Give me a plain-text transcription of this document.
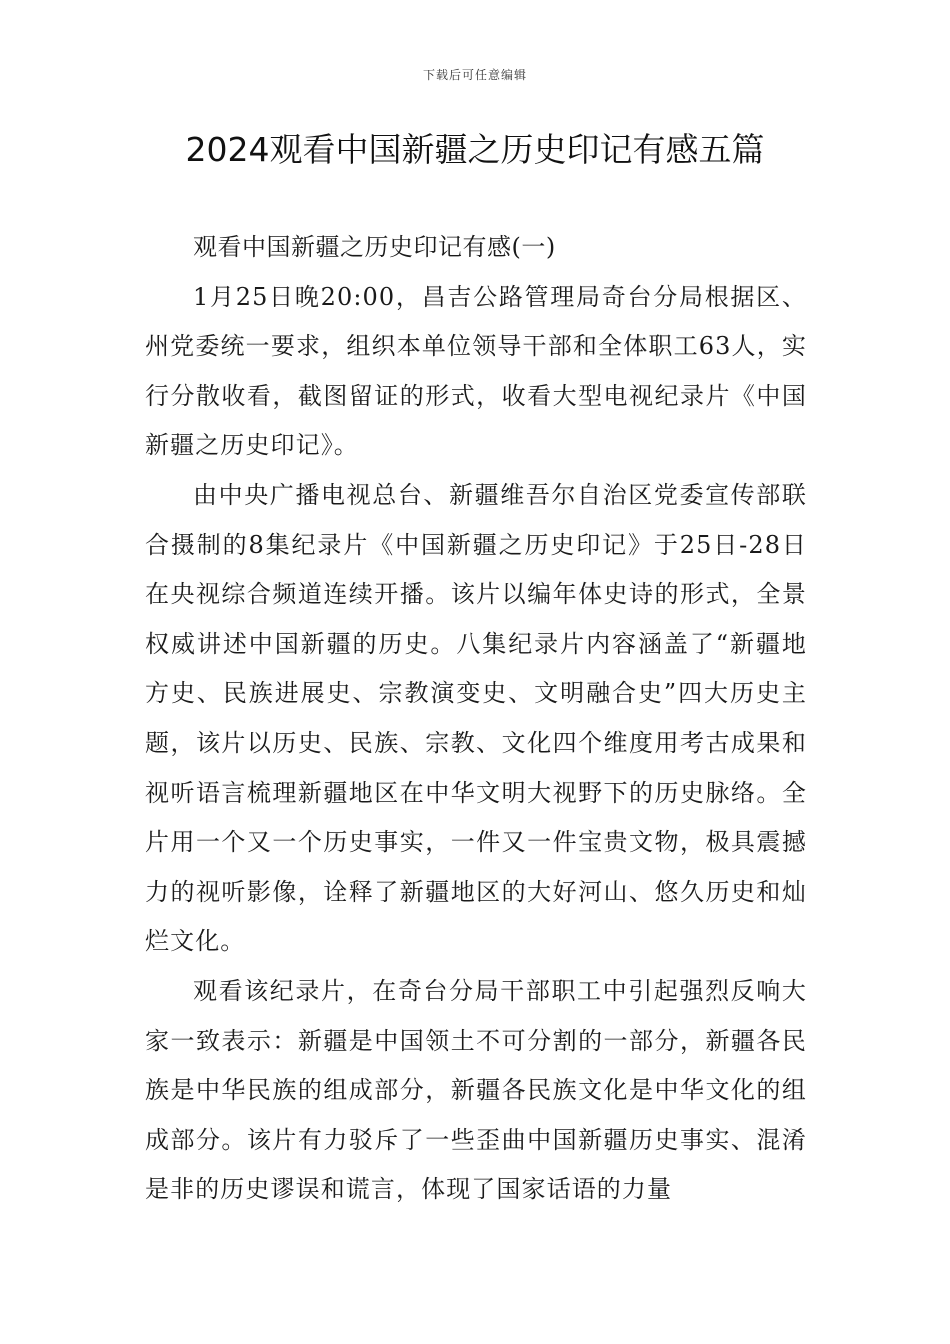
下载后可任意编辑
2024观看中国新疆之历史印记有感五篇

观看中国新疆之历史印记有感(一)

1月25日晚20:00，昌吉公路管理局奇台分局根据区、州党委统一要求，组织本单位领导干部和全体职工63人，实行分散收看，截图留证的形式，收看大型电视纪录片《中国新疆之历史印记》。

由中央广播电视总台、新疆维吾尔自治区党委宣传部联合摄制的8集纪录片《中国新疆之历史印记》于25日-28日在央视综合频道连续开播。该片以编年体史诗的形式，全景权威讲述中国新疆的历史。八集纪录片内容涵盖了“新疆地方史、民族进展史、宗教演变史、文明融合史”四大历史主题，该片以历史、民族、宗教、文化四个维度用考古成果和视听语言梳理新疆地区在中华文明大视野下的历史脉络。全片用一个又一个历史事实，一件又一件宝贵文物，极具震撼力的视听影像，诠释了新疆地区的大好河山、悠久历史和灿烂文化。

观看该纪录片，在奇台分局干部职工中引起强烈反响大家一致表示：新疆是中国领土不可分割的一部分，新疆各民族是中华民族的组成部分，新疆各民族文化是中华文化的组成部分。该片有力驳斥了一些歪曲中国新疆历史事实、混淆是非的历史谬误和谎言，体现了国家话语的力量
